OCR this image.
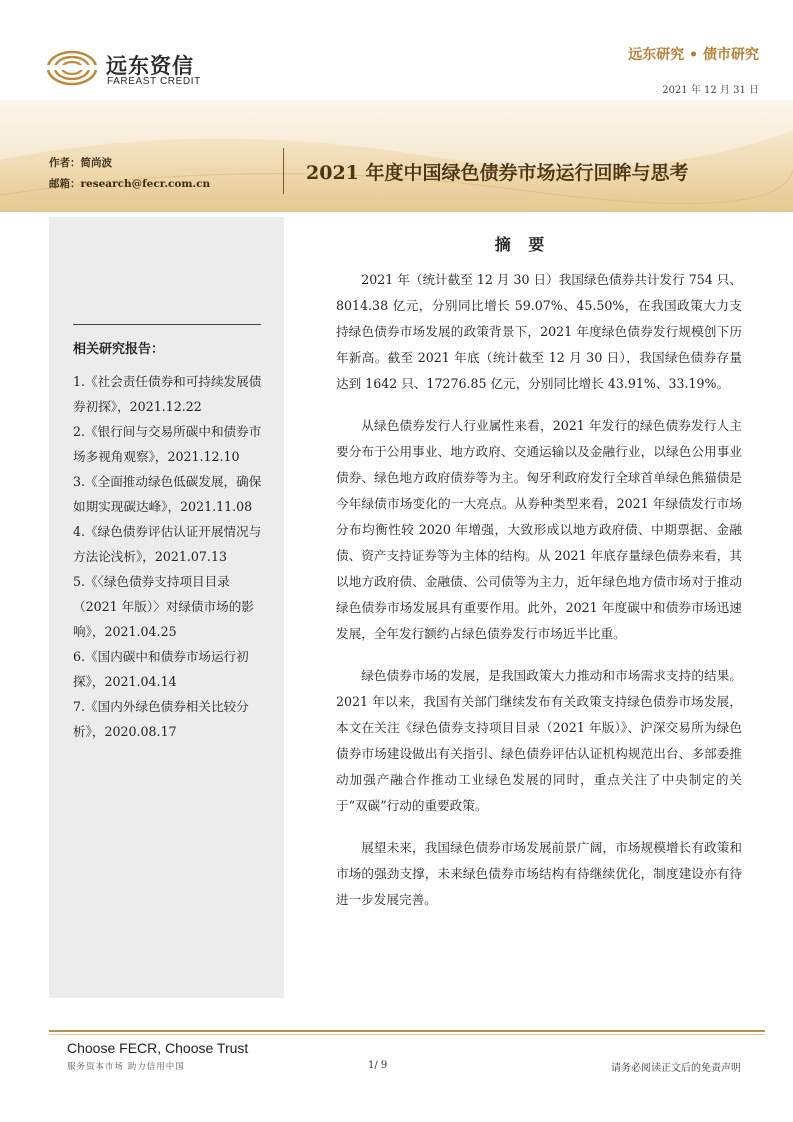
远东资信
FAREAST CREDIT
远东研究 • 债市研究
2021 年 12 月 31 日
作者：简尚波
邮箱：research@fecr.com.cn	2021 年度中国绿色债券市场运行回眸与思考
相关研究报告：

1.《社会责任债券和可持续发展债券初探》，2021.12.22

2.《银行间与交易所碳中和债券市场多视角观察》，2021.12.10

3.《全面推动绿色低碳发展，确保如期实现碳达峰》，2021.11.08

4.《绿色债券评估认证开展情况与方法论浅析》，2021.07.13

5.《〈绿色债券支持项目目录（2021 年版）〉对绿债市场的影响》，2021.04.25

6.《国内碳中和债券市场运行初探》，2021.04.14

7.《国内外绿色债券相关比较分析》，2020.08.17

摘 要

2021 年（统计截至 12 月 30 日）我国绿色债券共计发行 754 只、8014.38 亿元，分别同比增长 59.07%、45.50%，在我国政策大力支持绿色债券市场发展的政策背景下，2021 年度绿色债券发行规模创下历年新高。截至 2021 年底（统计截至 12 月 30 日），我国绿色债券存量达到 1642 只、17276.85 亿元，分别同比增长 43.91%、33.19%。

从绿色债券发行人行业属性来看，2021 年发行的绿色债券发行人主要分布于公用事业、地方政府、交通运输以及金融行业，以绿色公用事业债券、绿色地方政府债券等为主。匈牙利政府发行全球首单绿色熊猫债是今年绿债市场变化的一大亮点。从券种类型来看，2021 年绿债发行市场分布均衡性较 2020 年增强，大致形成以地方政府债、中期票据、金融债、资产支持证券等为主体的结构。从 2021 年底存量绿色债券来看，其以地方政府债、金融债、公司债等为主力，近年绿色地方债市场对于推动绿色债券市场发展具有重要作用。此外，2021 年度碳中和债券市场迅速发展，全年发行额约占绿色债券发行市场近半比重。

绿色债券市场的发展，是我国政策大力推动和市场需求支持的结果。2021 年以来，我国有关部门继续发布有关政策支持绿色债券市场发展，本文在关注《绿色债券支持项目目录（2021 年版）》、沪深交易所为绿色债券市场建设做出有关指引、绿色债券评估认证机构规范出台、多部委推动加强产融合作推动工业绿色发展的同时，重点关注了中央制定的关于“双碳”行动的重要政策。

展望未来，我国绿色债券市场发展前景广阔，市场规模增长有政策和市场的强劲支撑，未来绿色债券市场结构有待继续优化，制度建设亦有待进一步发展完善。

Choose FECR, Choose Trust
服务资本市场 助力信用中国	1/ 9	请务必阅读正文后的免责声明
